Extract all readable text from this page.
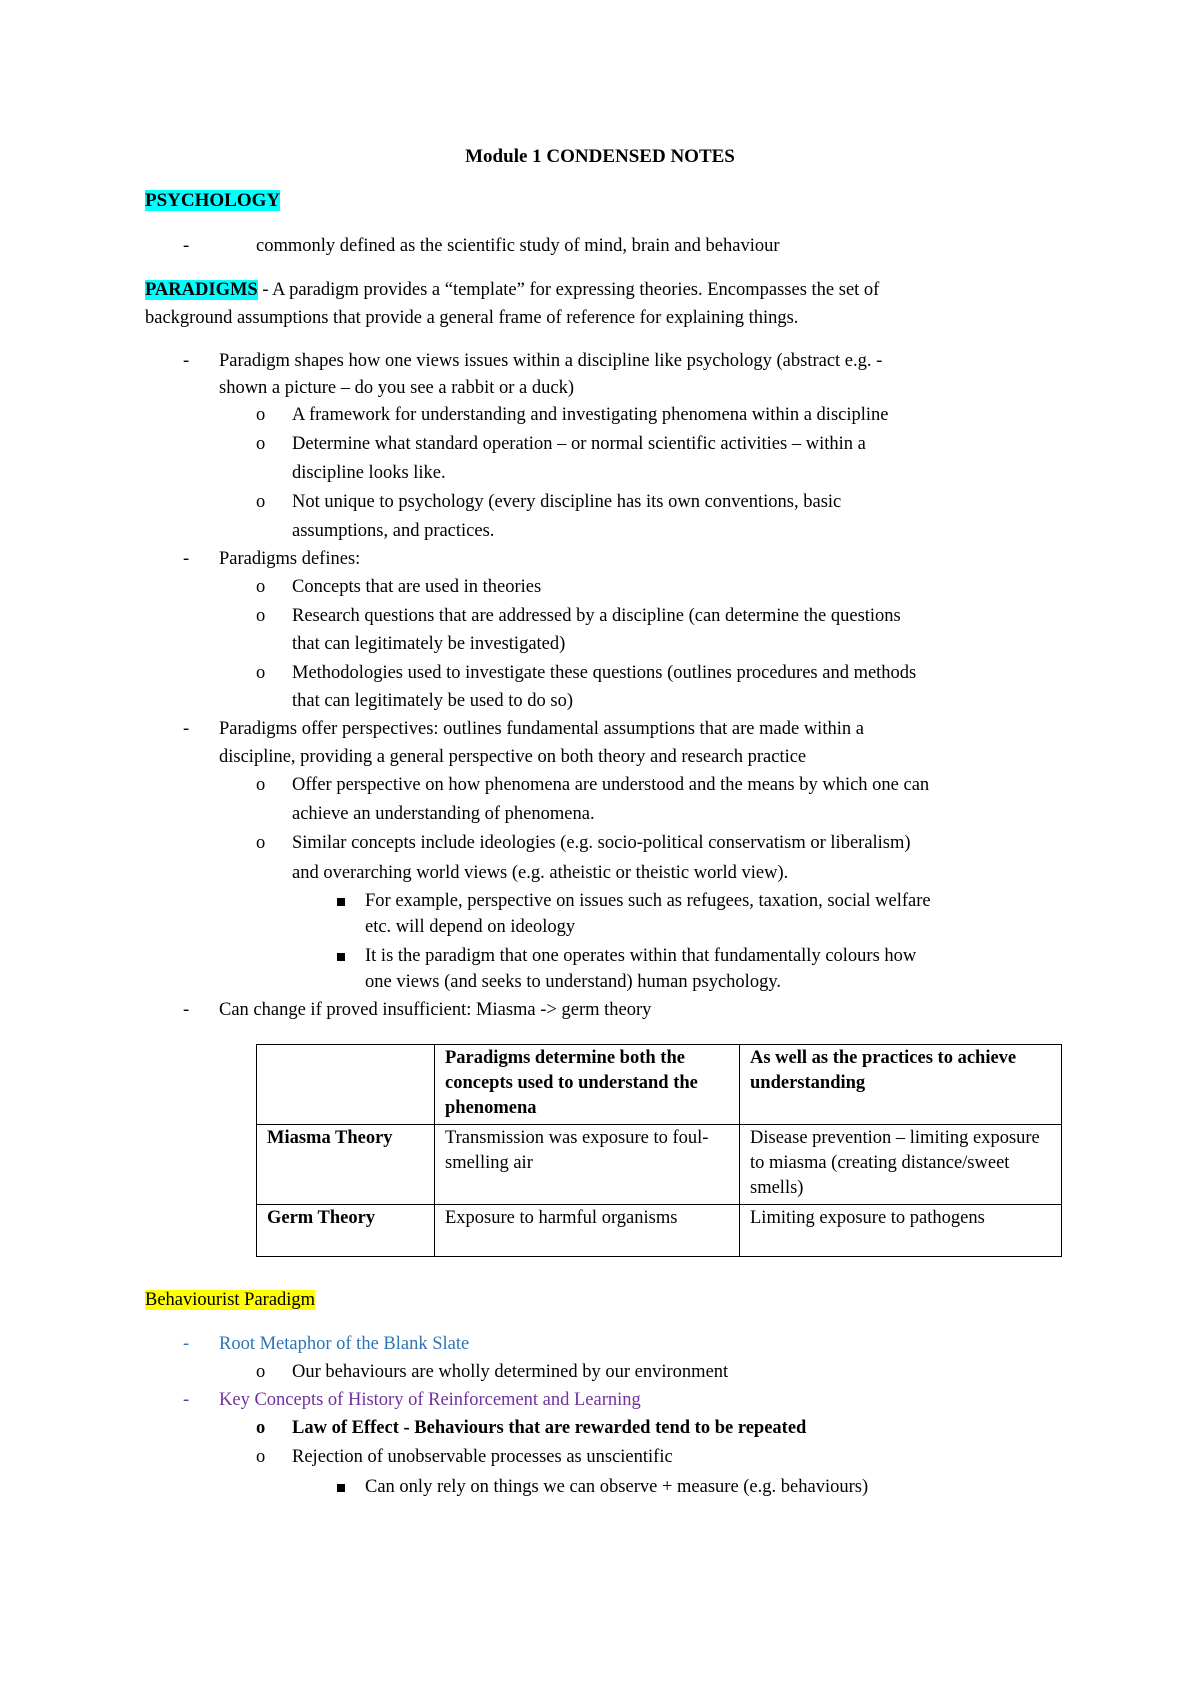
Module 1 CONDENSED NOTES
PSYCHOLOGY
-	commonly defined as the scientific study of mind, brain and behaviour
PARADIGMS - A paradigm provides a “template” for expressing theories. Encompasses the set of
background assumptions that provide a general frame of reference for explaining things.
- Paradigm shapes how one views issues within a discipline like psychology (abstract e.g. -
shown a picture – do you see a rabbit or a duck)
o A framework for understanding and investigating phenomena within a discipline
o Determine what standard operation – or normal scientific activities – within a
discipline looks like.
o Not unique to psychology (every discipline has its own conventions, basic
assumptions, and practices.
- Paradigms defines:
o Concepts that are used in theories
o Research questions that are addressed by a discipline (can determine the questions
that can legitimately be investigated)
o Methodologies used to investigate these questions (outlines procedures and methods
that can legitimately be used to do so)
- Paradigms offer perspectives: outlines fundamental assumptions that are made within a
discipline, providing a general perspective on both theory and research practice
o Offer perspective on how phenomena are understood and the means by which one can
achieve an understanding of phenomena.
o Similar concepts include ideologies (e.g. socio-political conservatism or liberalism)
and overarching world views (e.g. atheistic or theistic world view).
For example, perspective on issues such as refugees, taxation, social welfare
etc. will depend on ideology
It is the paradigm that one operates within that fundamentally colours how
one views (and seeks to understand) human psychology.
- Can change if proved insufficient: Miasma -> germ theory
	Paradigms determine both the concepts used to understand the phenomena	As well as the practices to achieve understanding
Miasma Theory	Transmission was exposure to foul-smelling air	Disease prevention – limiting exposure to miasma (creating distance/sweet smells)
Germ Theory	Exposure to harmful organisms	Limiting exposure to pathogens
Behaviourist Paradigm
- Root Metaphor of the Blank Slate
o Our behaviours are wholly determined by our environment
- Key Concepts of History of Reinforcement and Learning
o Law of Effect - Behaviours that are rewarded tend to be repeated
o Rejection of unobservable processes as unscientific
Can only rely on things we can observe + measure (e.g. behaviours)
